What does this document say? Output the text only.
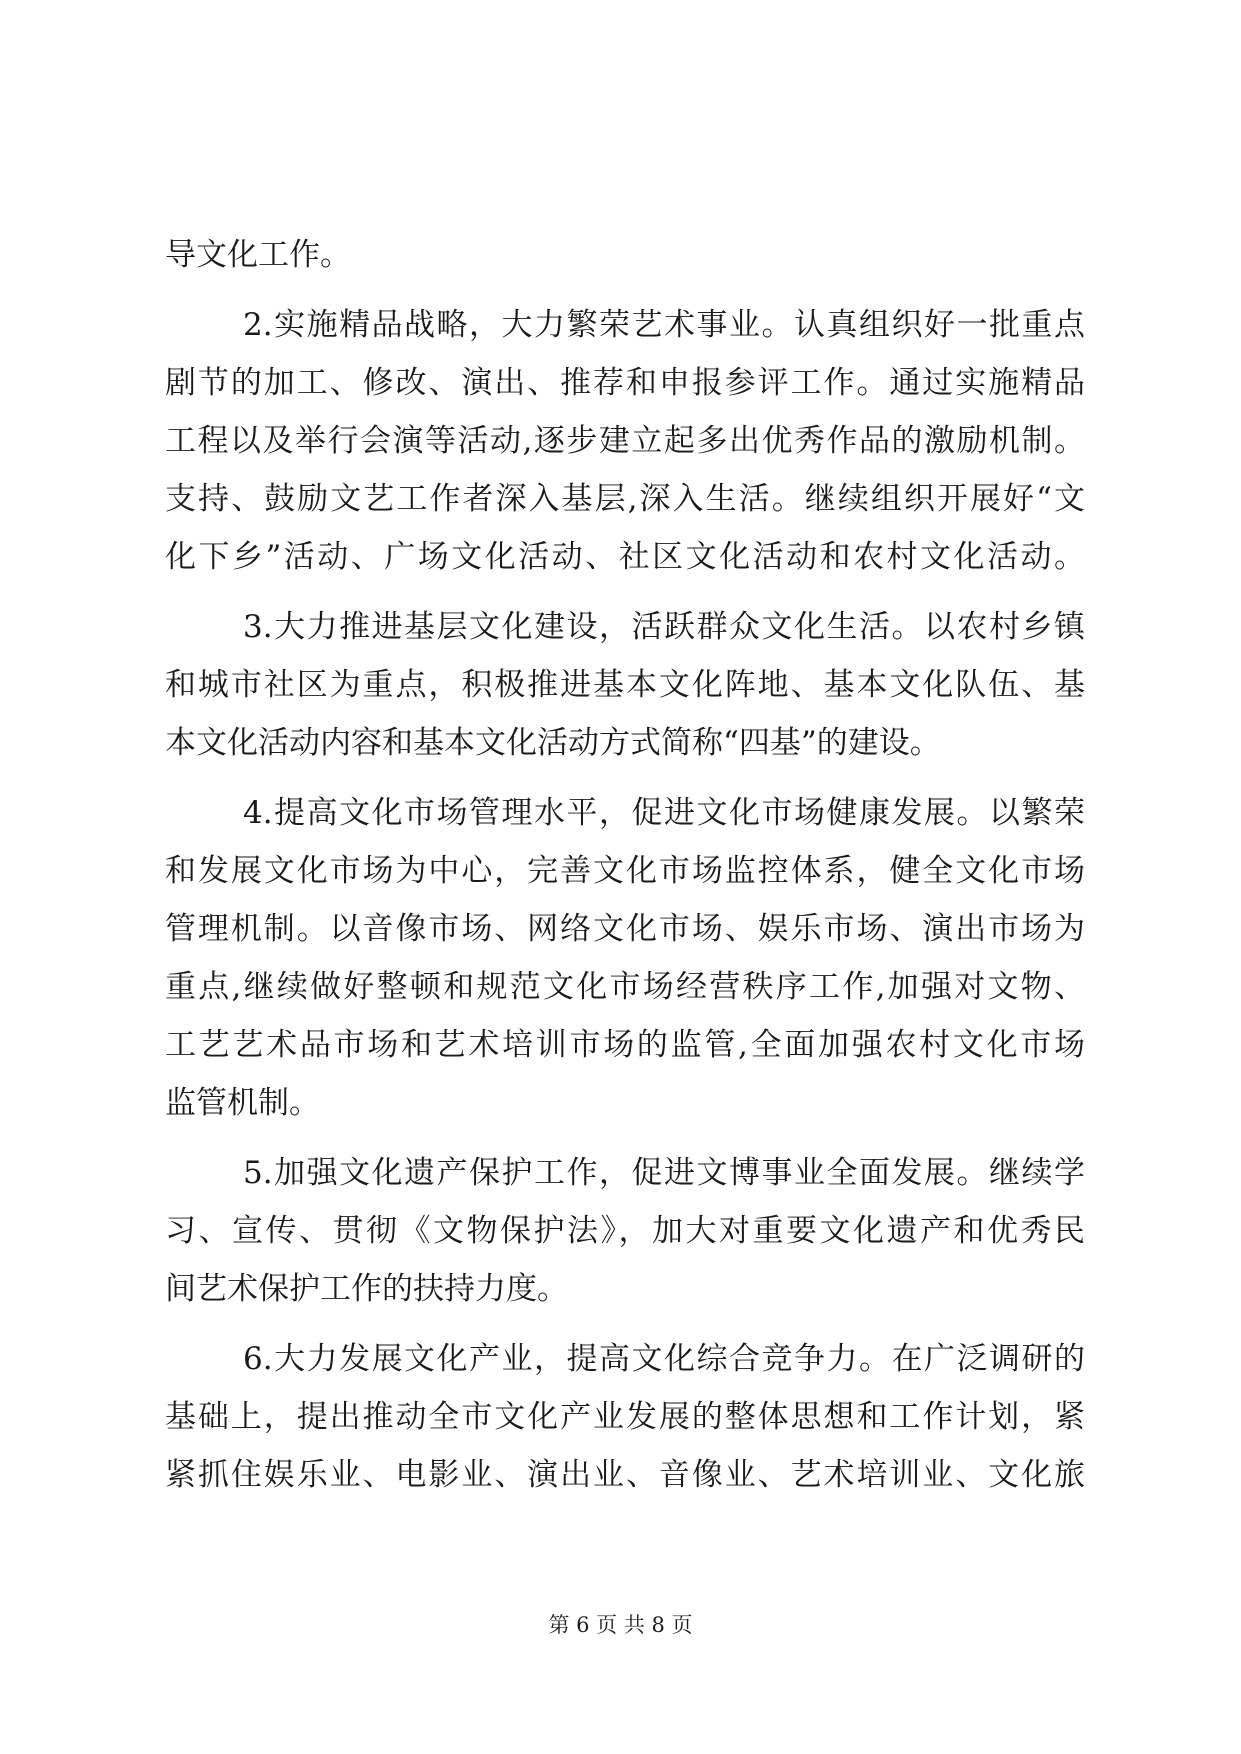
导文化工作。
2.实施精品战略，大力繁荣艺术事业。认真组织好一批重点
剧节的加工、修改、演出、推荐和申报参评工作。通过实施精品
工程以及举行会演等活动,逐步建立起多出优秀作品的激励机制。
支持、鼓励文艺工作者深入基层,深入生活。继续组织开展好“文
化下乡”活动、广场文化活动、社区文化活动和农村文化活动。
3.大力推进基层文化建设，活跃群众文化生活。以农村乡镇
和城市社区为重点，积极推进基本文化阵地、基本文化队伍、基
本文化活动内容和基本文化活动方式简称“四基”的建设。
4.提高文化市场管理水平，促进文化市场健康发展。以繁荣
和发展文化市场为中心，完善文化市场监控体系，健全文化市场
管理机制。以音像市场、网络文化市场、娱乐市场、演出市场为
重点,继续做好整顿和规范文化市场经营秩序工作,加强对文物、
工艺艺术品市场和艺术培训市场的监管,全面加强农村文化市场
监管机制。
5.加强文化遗产保护工作，促进文博事业全面发展。继续学
习、宣传、贯彻《文物保护法》，加大对重要文化遗产和优秀民
间艺术保护工作的扶持力度。
6.大力发展文化产业，提高文化综合竞争力。在广泛调研的
基础上，提出推动全市文化产业发展的整体思想和工作计划，紧
紧抓住娱乐业、电影业、演出业、音像业、艺术培训业、文化旅
第 6 页 共 8 页
